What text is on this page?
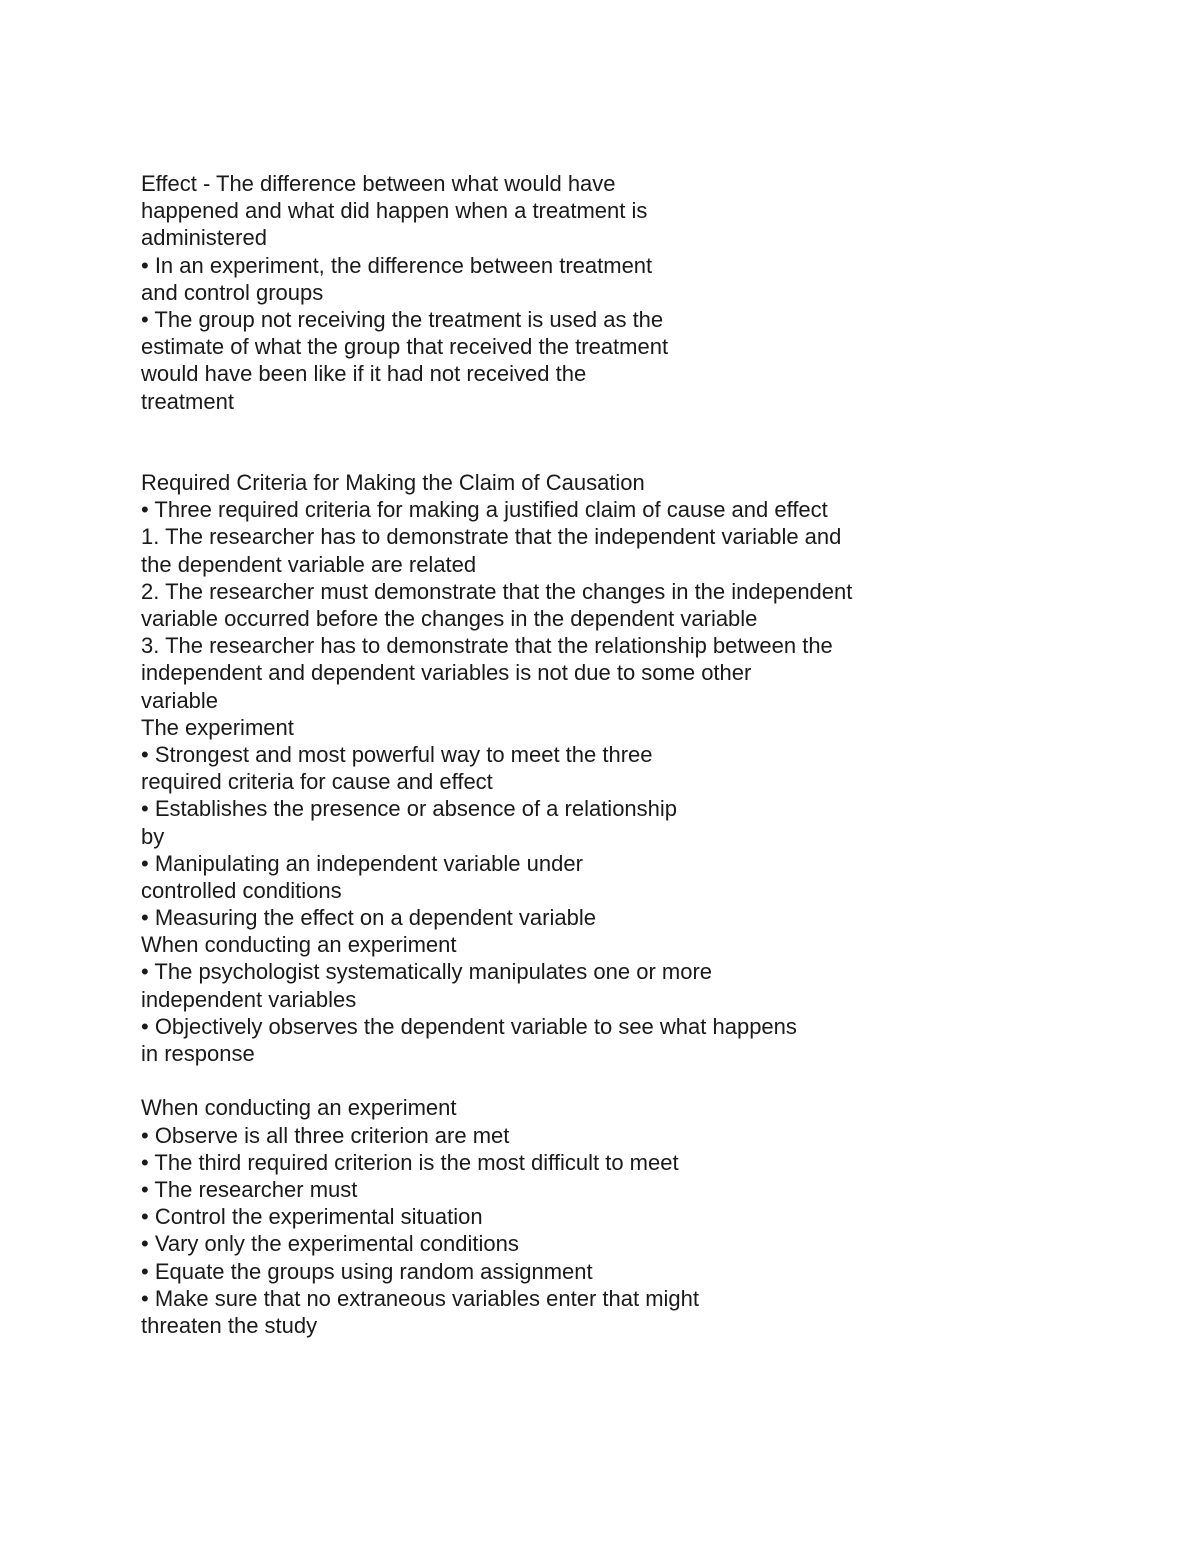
Effect - The difference between what would have
happened and what did happen when a treatment is
administered
• In an experiment, the difference between treatment
and control groups
• The group not receiving the treatment is used as the
estimate of what the group that received the treatment
would have been like if it had not received the
treatment
Required Criteria for Making the Claim of Causation
• Three required criteria for making a justified claim of cause and effect
1. The researcher has to demonstrate that the independent variable and
the dependent variable are related
2. The researcher must demonstrate that the changes in the independent
variable occurred before the changes in the dependent variable
3. The researcher has to demonstrate that the relationship between the
independent and dependent variables is not due to some other
variable
The experiment
• Strongest and most powerful way to meet the three
required criteria for cause and effect
• Establishes the presence or absence of a relationship
by
• Manipulating an independent variable under
controlled conditions
• Measuring the effect on a dependent variable
When conducting an experiment
• The psychologist systematically manipulates one or more
independent variables
• Objectively observes the dependent variable to see what happens
in response
When conducting an experiment
• Observe is all three criterion are met
• The third required criterion is the most difficult to meet
• The researcher must
• Control the experimental situation
• Vary only the experimental conditions
• Equate the groups using random assignment
• Make sure that no extraneous variables enter that might
threaten the study
